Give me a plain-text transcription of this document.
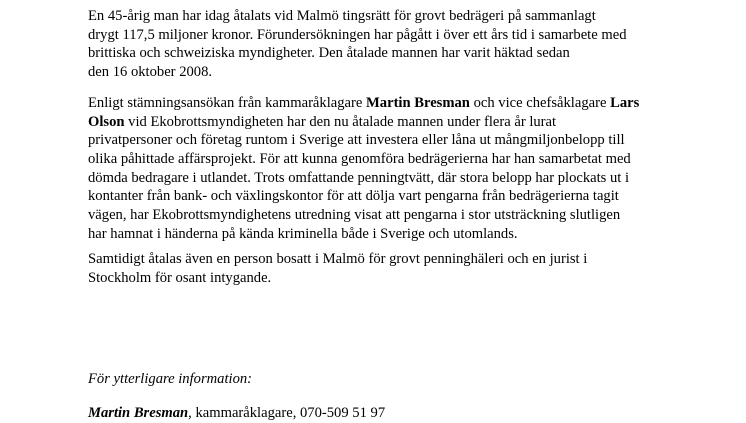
En 45-årig man har idag åtalats vid Malmö tingsrätt för grovt bedrägeri på sammanlagt
drygt 117,5 miljoner kronor. Förundersökningen har pågått i över ett års tid i samarbete med
brittiska och schweiziska myndigheter. Den åtalade mannen har varit häktad sedan
den 16 oktober 2008.

Enligt stämningsansökan från kammaråklagare Martin Bresman och vice chefsåklagare Lars
Olson vid Ekobrottsmyndigheten har den nu åtalade mannen under flera år lurat
privatpersoner och företag runtom i Sverige att investera eller låna ut mångmiljonbelopp till
olika påhittade affärsprojekt. För att kunna genomföra bedrägerierna har han samarbetat med
dömda bedragare i utlandet. Trots omfattande penningtvätt, där stora belopp har plockats ut i
kontanter från bank- och växlingskontor för att dölja vart pengarna från bedrägerierna tagit
vägen, har Ekobrottsmyndighetens utredning visat att pengarna i stor utsträckning slutligen
har hamnat i händerna på kända kriminella både i Sverige och utomlands.

Samtidigt åtalas även en person bosatt i Malmö för grovt penninghäleri och en jurist i
Stockholm för osant intygande.

För ytterligare information:

Martin Bresman, kammaråklagare, 070-509 51 97
